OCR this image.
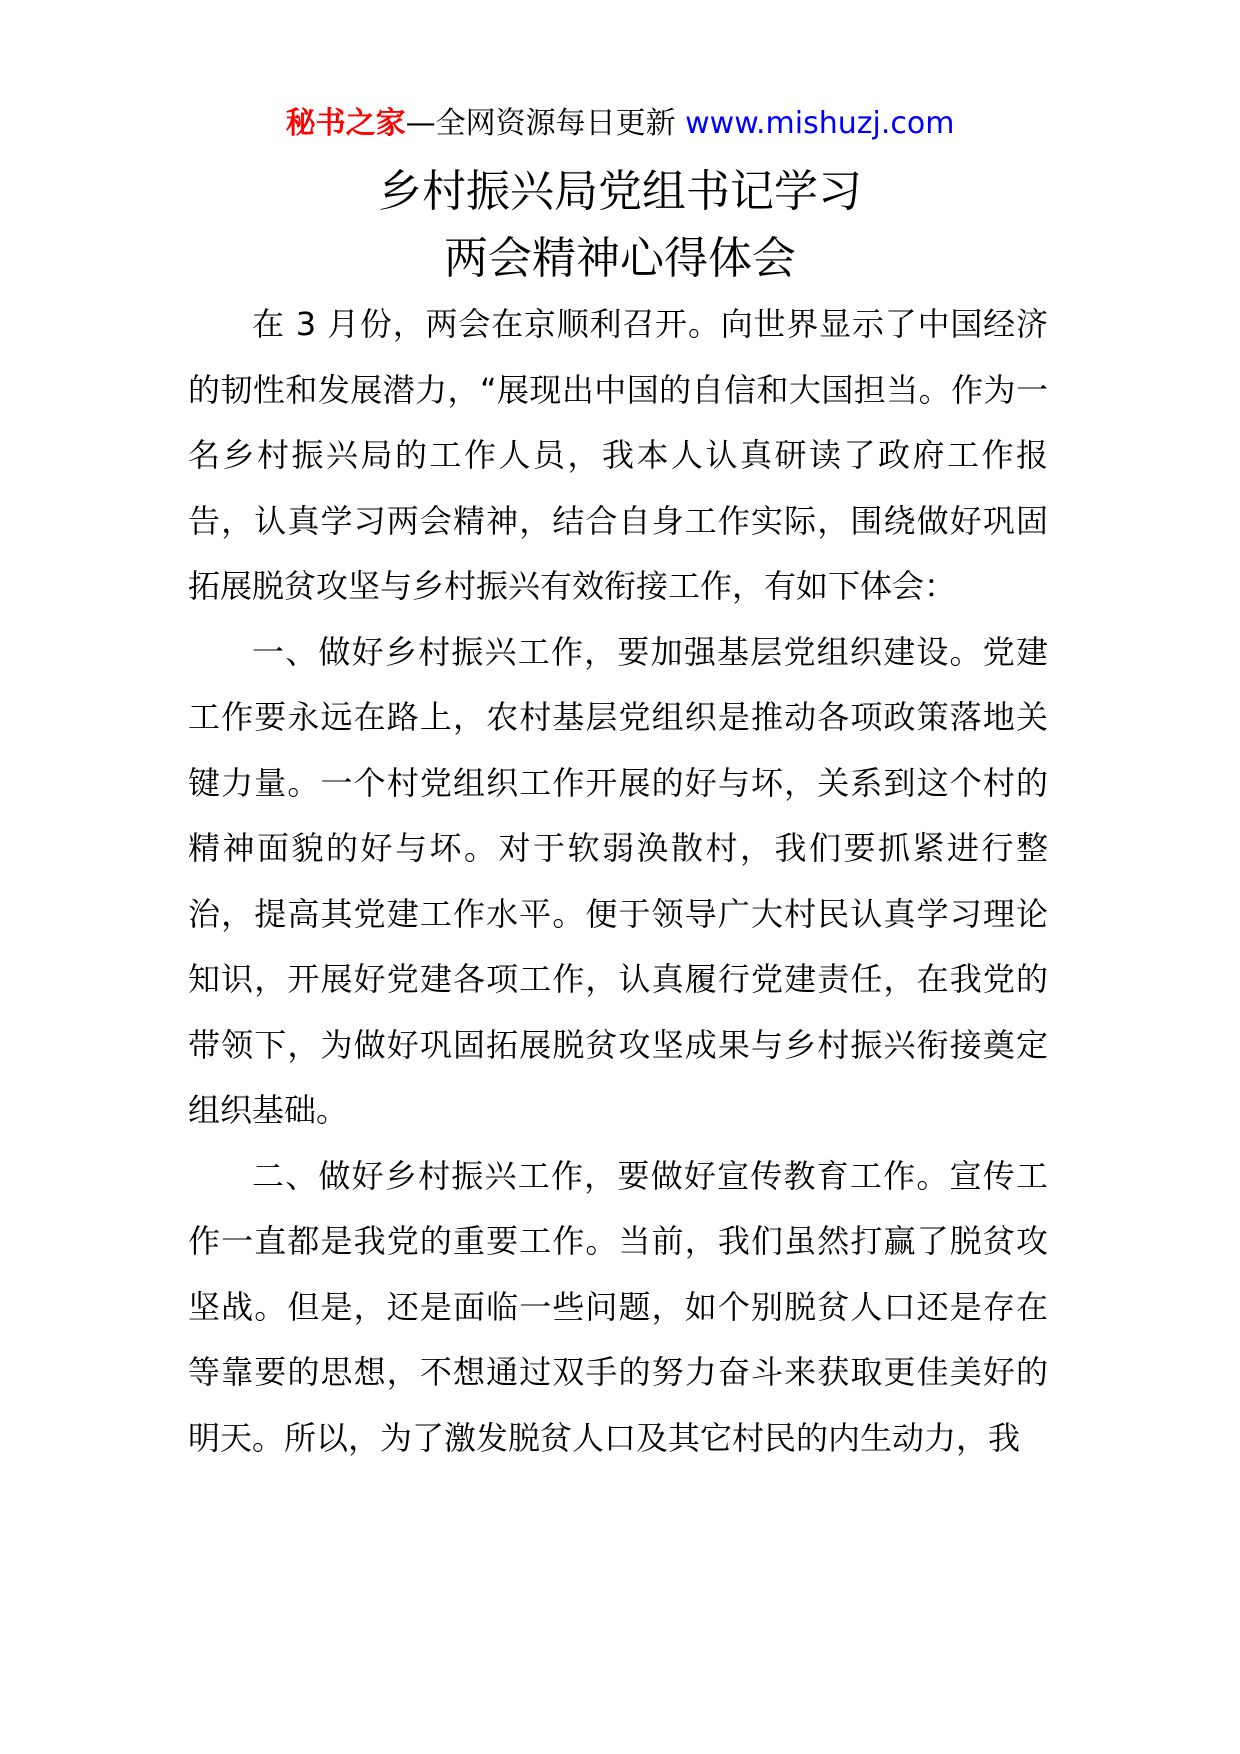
秘书之家—全网资源每日更新 www.mishuzj.com
乡村振兴局党组书记学习
两会精神心得体会

在 3 月份，两会在京顺利召开。向世界显示了中国经济的韧性和发展潜力，“展现出中国的自信和大国担当。作为一名乡村振兴局的工作人员，我本人认真研读了政府工作报告，认真学习两会精神，结合自身工作实际，围绕做好巩固拓展脱贫攻坚与乡村振兴有效衔接工作，有如下体会：

一、做好乡村振兴工作，要加强基层党组织建设。党建工作要永远在路上，农村基层党组织是推动各项政策落地关键力量。一个村党组织工作开展的好与坏，关系到这个村的精神面貌的好与坏。对于软弱涣散村，我们要抓紧进行整治，提高其党建工作水平。便于领导广大村民认真学习理论知识，开展好党建各项工作，认真履行党建责任，在我党的带领下，为做好巩固拓展脱贫攻坚成果与乡村振兴衔接奠定组织基础。

二、做好乡村振兴工作，要做好宣传教育工作。宣传工作一直都是我党的重要工作。当前，我们虽然打赢了脱贫攻坚战。但是，还是面临一些问题，如个别脱贫人口还是存在等靠要的思想，不想通过双手的努力奋斗来获取更佳美好的明天。所以，为了激发脱贫人口及其它村民的内生动力，我
